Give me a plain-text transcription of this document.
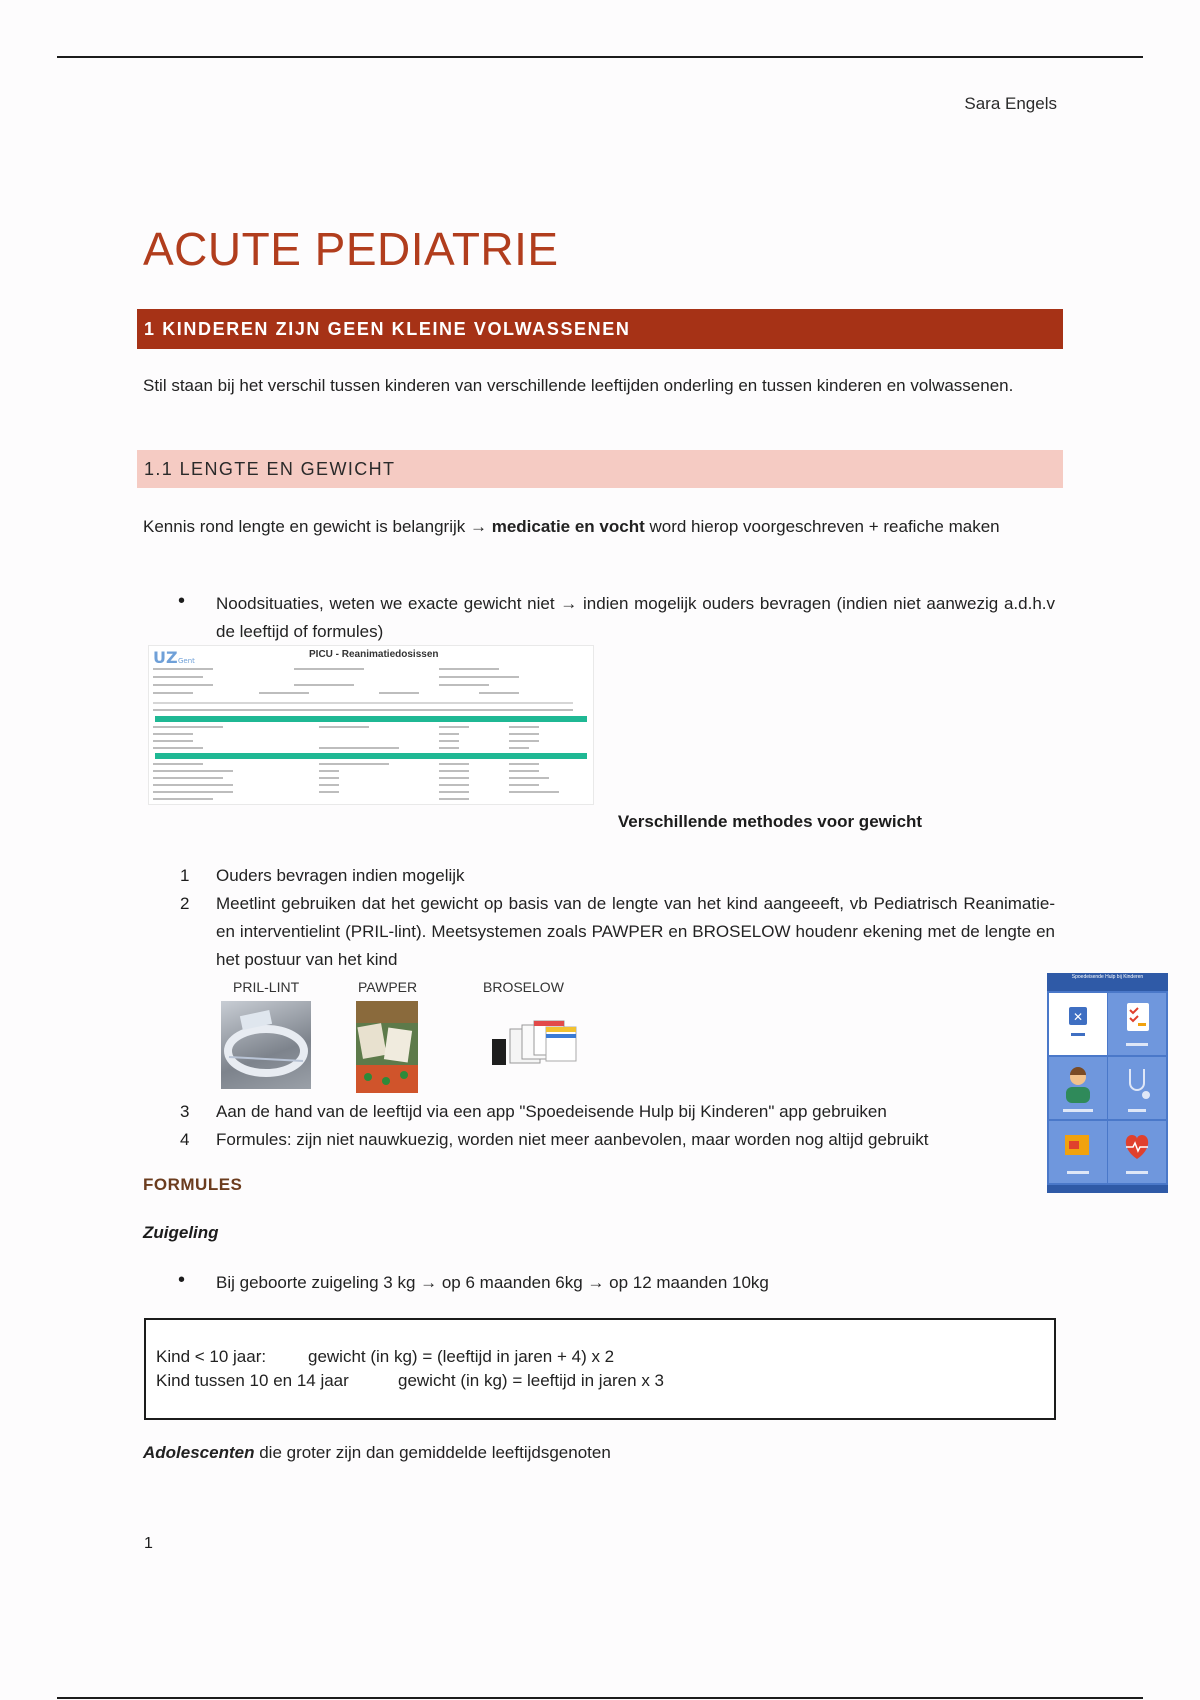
Sara Engels
ACUTE PEDIATRIE
1 KINDEREN ZIJN GEEN KLEINE VOLWASSENEN
Stil staan bij het verschil tussen kinderen van verschillende leeftijden onderling en tussen kinderen en volwassenen.
1.1 LENGTE EN GEWICHT
Kennis rond lengte en gewicht is belangrijk → medicatie en vocht word hierop voorgeschreven + reafiche maken
• Noodsituaties, weten we exacte gewicht niet → indien mogelijk ouders bevragen (indien niet aanwezig a.d.h.v de leeftijd of formules)
UZ Gent
PICU - Reanimatiedosissen
Verschillende methodes voor gewicht
1 Ouders bevragen indien mogelijk
2 Meetlint gebruiken dat het gewicht op basis van de lengte van het kind aangeeeft, vb Pediatrisch Reanimatie-en interventielint (PRIL-lint). Meetsystemen zoals PAWPER en BROSELOW houdenr ekening met de lengte en het postuur van het kind
PRIL-LINT	PAWPER	BROSELOW
3 Aan de hand van de leeftijd via een app "Spoedeisende Hulp bij Kinderen" app gebruiken
4 Formules: zijn niet nauwkuezig, worden niet meer aanbevolen, maar worden nog altijd gebruikt
Spoedeisende Hulp bij Kinderen
✕
FORMULES
Zuigeling
• Bij geboorte zuigeling 3 kg → op 6 maanden 6kg → op 12 maanden 10kg
Kind < 10 jaar: gewicht (in kg) = (leeftijd in jaren + 4) x 2
Kind tussen 10 en 14 jaar	gewicht (in kg) = leeftijd in jaren x 3
Adolescenten die groter zijn dan gemiddelde leeftijdsgenoten
1
